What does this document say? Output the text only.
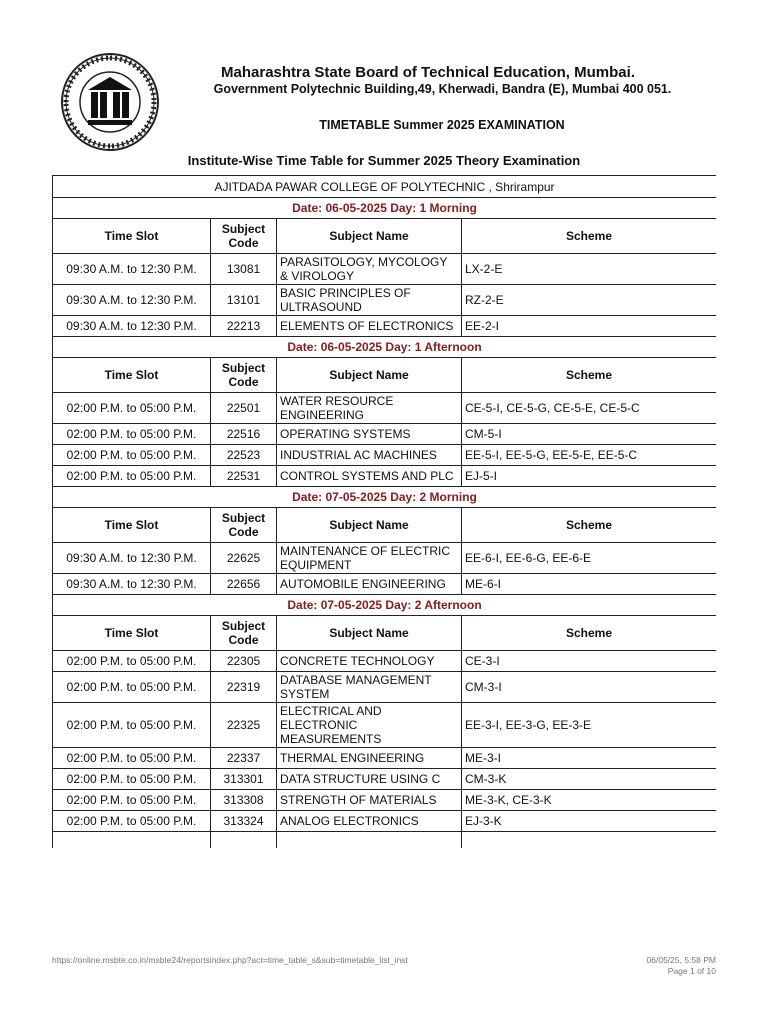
Maharashtra State Board of Technical Education, Mumbai.
Government Polytechnic Building,49, Kherwadi, Bandra (E), Mumbai 400 051.
TIMETABLE Summer 2025 EXAMINATION
Institute-Wise Time Table for Summer 2025 Theory Examination
AJITDADA PAWAR COLLEGE OF POLYTECHNIC , Shrirampur			
Date: 06-05-2025 Day: 1 Morning			
Time Slot	Subject Code	Subject Name	Scheme
09:30 A.M. to 12:30 P.M.	13081	PARASITOLOGY, MYCOLOGY & VIROLOGY	LX-2-E
09:30 A.M. to 12:30 P.M.	13101	BASIC PRINCIPLES OF ULTRASOUND	RZ-2-E
09:30 A.M. to 12:30 P.M.	22213	ELEMENTS OF ELECTRONICS	EE-2-I
Date: 06-05-2025 Day: 1 Afternoon			
Time Slot	Subject Code	Subject Name	Scheme
02:00 P.M. to 05:00 P.M.	22501	WATER RESOURCE ENGINEERING	CE-5-I, CE-5-G, CE-5-E, CE-5-C
02:00 P.M. to 05:00 P.M.	22516	OPERATING SYSTEMS	CM-5-I
02:00 P.M. to 05:00 P.M.	22523	INDUSTRIAL AC MACHINES	EE-5-I, EE-5-G, EE-5-E, EE-5-C
02:00 P.M. to 05:00 P.M.	22531	CONTROL SYSTEMS AND PLC	EJ-5-I
Date: 07-05-2025 Day: 2 Morning			
Time Slot	Subject Code	Subject Name	Scheme
09:30 A.M. to 12:30 P.M.	22625	MAINTENANCE OF ELECTRIC EQUIPMENT	EE-6-I, EE-6-G, EE-6-E
09:30 A.M. to 12:30 P.M.	22656	AUTOMOBILE ENGINEERING	ME-6-I
Date: 07-05-2025 Day: 2 Afternoon			
Time Slot	Subject Code	Subject Name	Scheme
02:00 P.M. to 05:00 P.M.	22305	CONCRETE TECHNOLOGY	CE-3-I
02:00 P.M. to 05:00 P.M.	22319	DATABASE MANAGEMENT SYSTEM	CM-3-I
02:00 P.M. to 05:00 P.M.	22325	ELECTRICAL AND ELECTRONIC MEASUREMENTS	EE-3-I, EE-3-G, EE-3-E
02:00 P.M. to 05:00 P.M.	22337	THERMAL ENGINEERING	ME-3-I
02:00 P.M. to 05:00 P.M.	313301	DATA STRUCTURE USING C	CM-3-K
02:00 P.M. to 05:00 P.M.	313308	STRENGTH OF MATERIALS	ME-3-K, CE-3-K
02:00 P.M. to 05:00 P.M.	313324	ANALOG ELECTRONICS	EJ-3-K

https://online.msbte.co.in/msbte24/reportsindex.php?act=time_table_s&sub=timetable_list_inst	06/05/25, 5:58 PM
Page 1 of 10
